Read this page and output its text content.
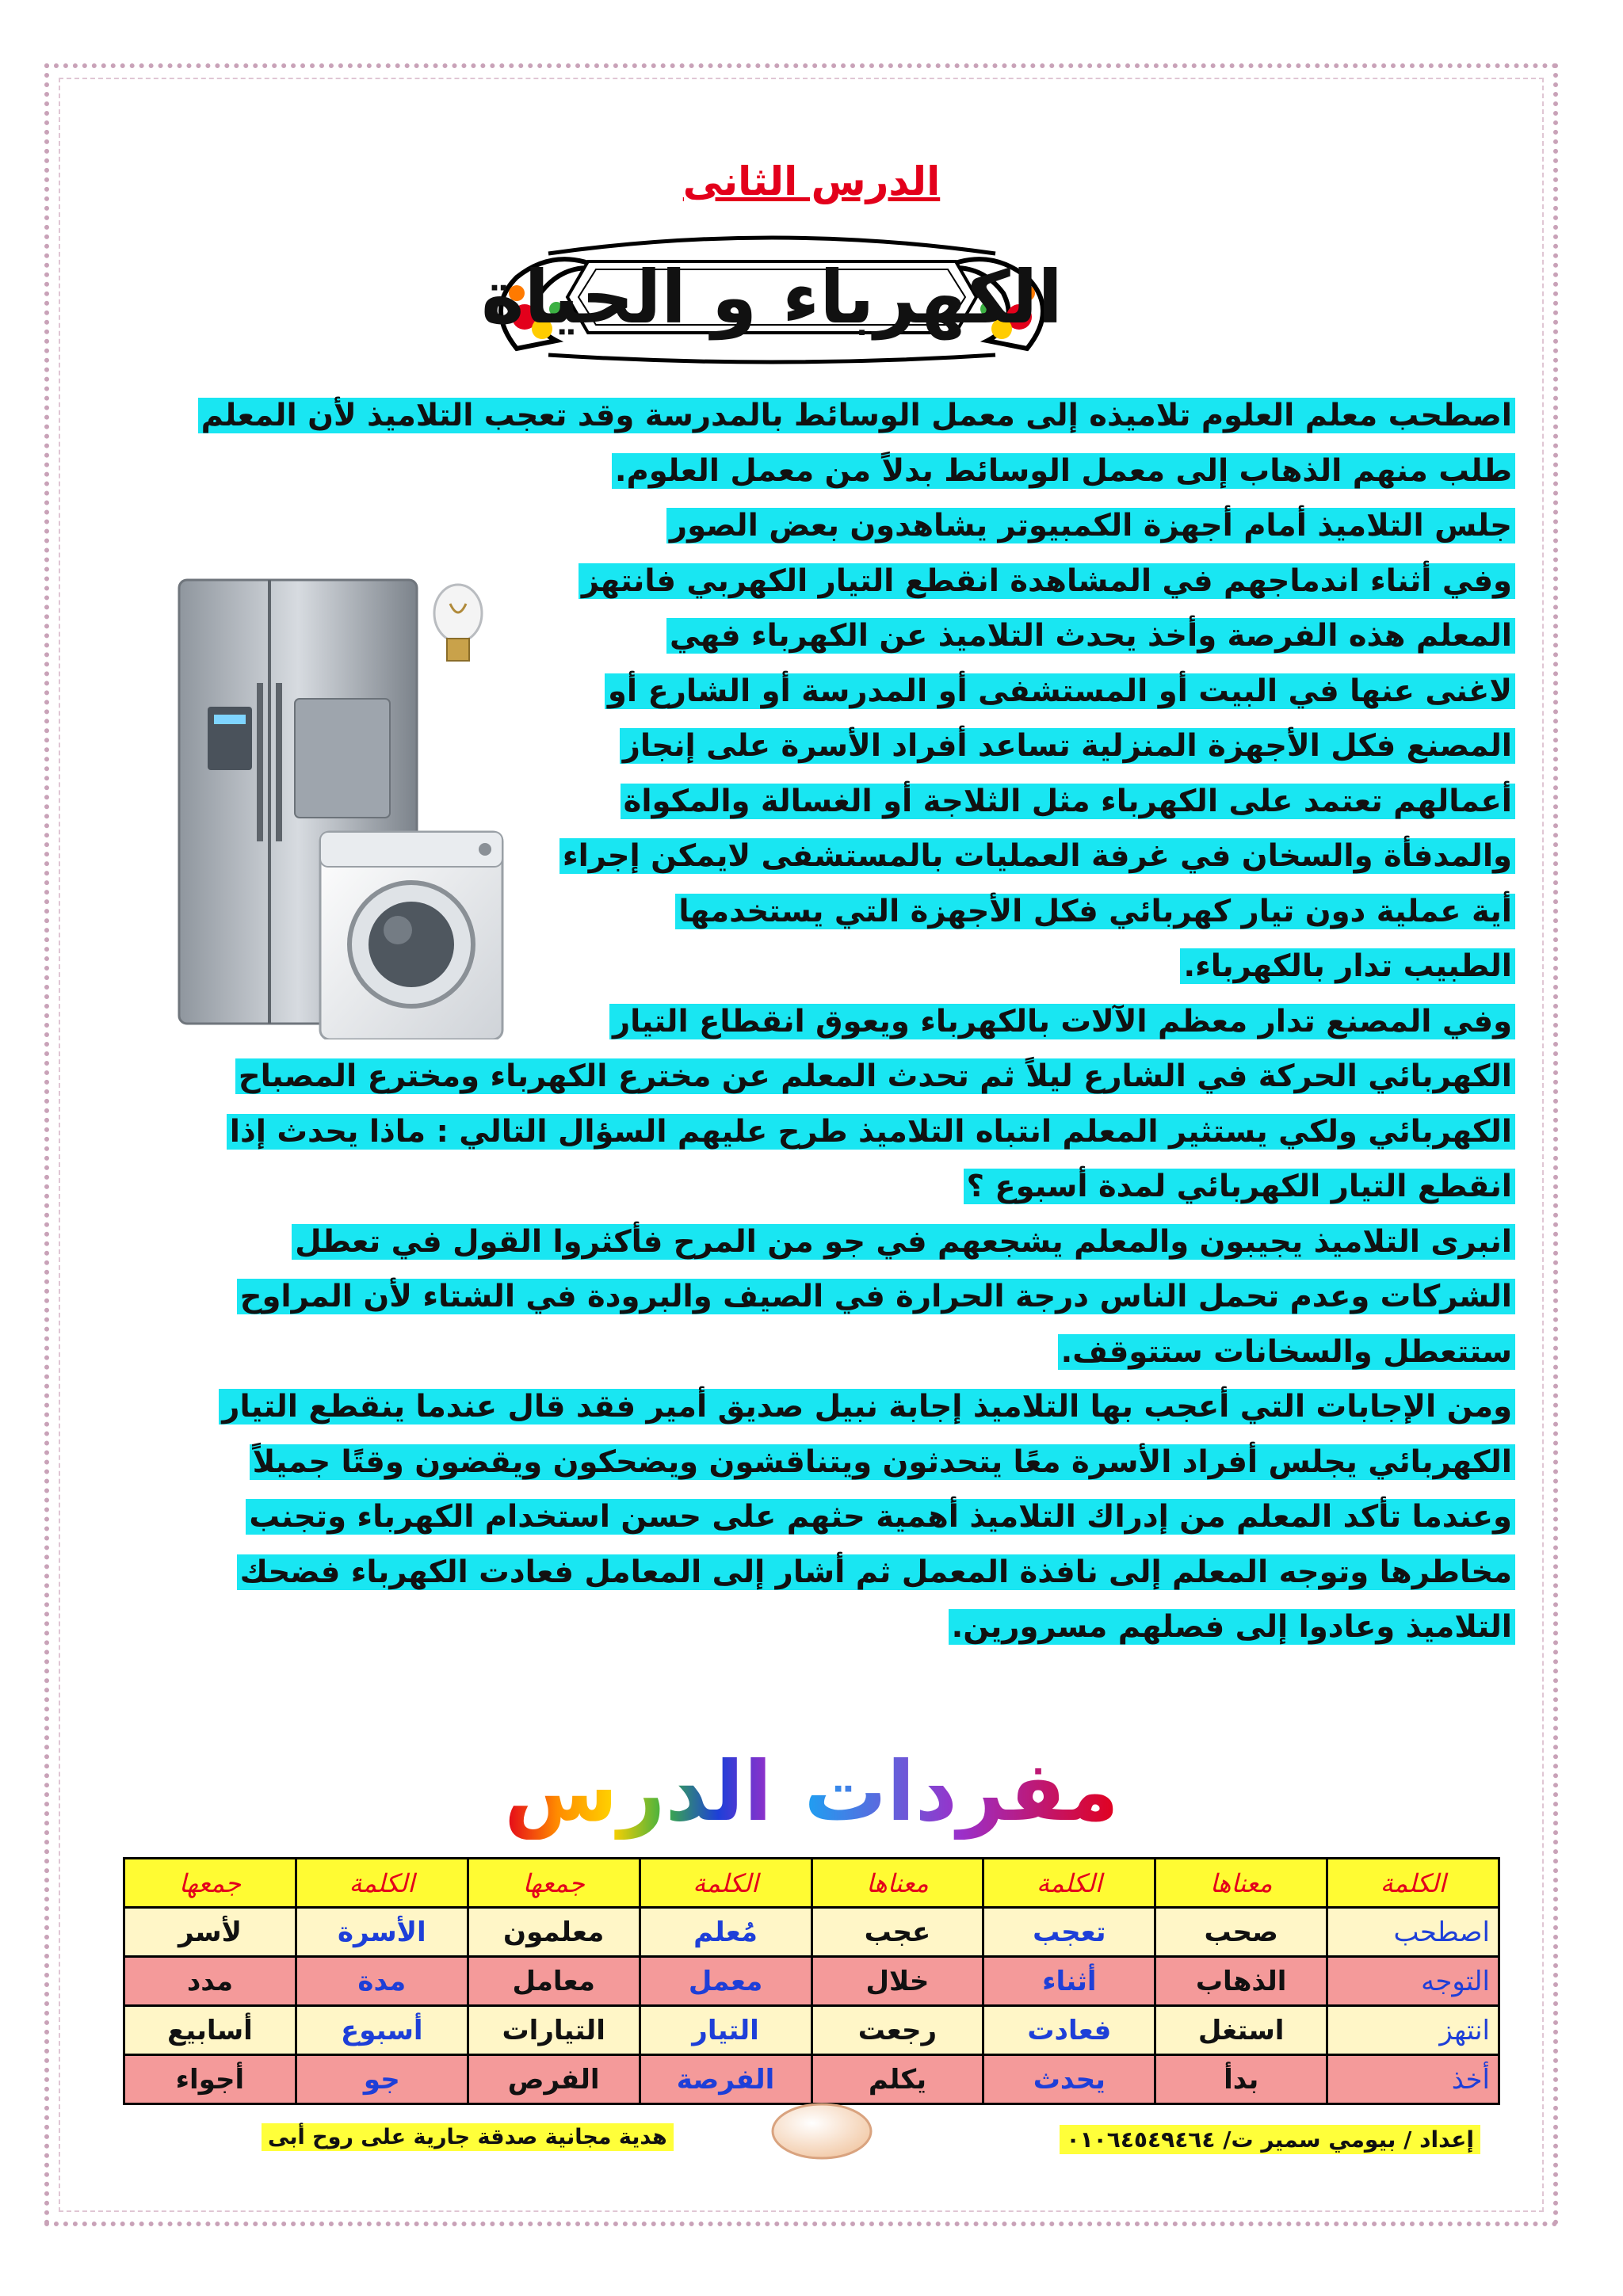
الدرس الثانى
الكهرباء و الحياة
اصطحب معلم العلوم تلاميذه إلى معمل الوسائط بالمدرسة وقد تعجب التلاميذ لأن المعلم
طلب منهم الذهاب إلى معمل الوسائط بدلاً من معمل العلوم.
جلس التلاميذ أمام أجهزة الكمبيوتر يشاهدون بعض الصور
وفي أثناء اندماجهم في المشاهدة انقطع التيار الكهربي فانتهز
المعلم هذه الفرصة وأخذ يحدث التلاميذ عن الكهرباء فهي
لاغنى عنها في البيت أو المستشفى أو المدرسة أو الشارع أو
المصنع فكل الأجهزة المنزلية تساعد أفراد الأسرة على إنجاز
أعمالهم تعتمد على الكهرباء مثل الثلاجة أو الغسالة والمكواة
والمدفأة والسخان في غرفة العمليات بالمستشفى لايمكن إجراء
أية عملية دون تيار كهربائي فكل الأجهزة التي يستخدمها
الطبيب تدار بالكهرباء.
وفي المصنع تدار معظم الآلات بالكهرباء ويعوق انقطاع التيار
الكهربائي الحركة في الشارع ليلاً ثم تحدث المعلم عن مخترع الكهرباء ومخترع المصباح
الكهربائي ولكي يستثير المعلم انتباه التلاميذ طرح عليهم السؤال التالي : ماذا يحدث إذا
انقطع التيار الكهربائي لمدة أسبوع ؟
انبرى التلاميذ يجيبون والمعلم يشجعهم في جو من المرح فأكثروا القول في تعطل
الشركات وعدم تحمل الناس درجة الحرارة في الصيف والبرودة في الشتاء لأن المراوح
ستتعطل والسخانات ستتوقف.
ومن الإجابات التي أعجب بها التلاميذ إجابة نبيل صديق أمير فقد قال عندما ينقطع التيار
الكهربائي يجلس أفراد الأسرة معًا يتحدثون ويتناقشون ويضحكون ويقضون وقتًا جميلاً
وعندما تأكد المعلم من إدراك التلاميذ أهمية حثهم على حسن استخدام الكهرباء وتجنب
مخاطرها وتوجه المعلم إلى نافذة المعمل ثم أشار إلى المعامل فعادت الكهرباء فضحك
التلاميذ وعادوا إلى فصلهم مسرورين.
مفردات الدرس
الكلمة	معناها	الكلمة	معناها	الكلمة	جمعها	الكلمة	جمعها
اصطحب	صحب	تعجب	عجب	مُعلم	معلمون	الأسرة	لأسر
التوجه	الذهاب	أثناء	خلال	معمل	معامل	مدة	مدد
انتهز	استغل	فعادت	رجعت	التيار	التيارات	أسبوع	أسابيع
أخذ	بدأ	يحدث	يكلم	الفرصة	الفرص	جو	أجواء
إعداد / بيومي سمير ت/ ٠١٠٦٤٥٤٩٤٦٤
هدية مجانية صدقة جارية على روح أبى
